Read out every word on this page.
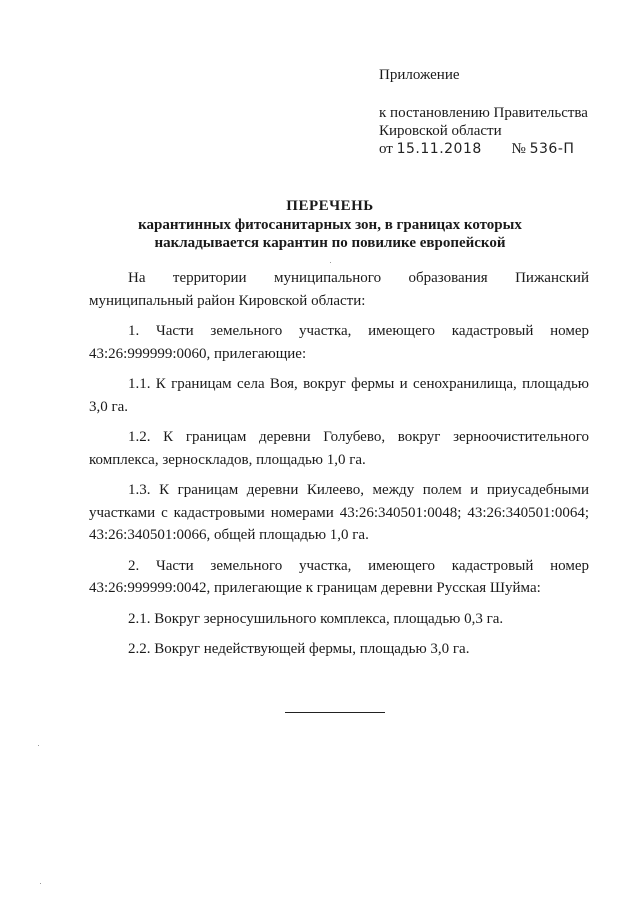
Приложение
к постановлению Правительства
Кировской области
от 15.11.2018 № 536-П
ПЕРЕЧЕНЬ
карантинных фитосанитарных зон, в границах которых
накладывается карантин по повилике европейской

На территории муниципального образования Пижанский муниципальный район Кировской области:

1. Части земельного участка, имеющего кадастровый номер 43:26:999999:0060, прилегающие:

1.1. К границам села Воя, вокруг фермы и сенохранилища, площадью 3,0 га.

1.2. К границам деревни Голубево, вокруг зерноочистительного комплекса, зерноскладов, площадью 1,0 га.

1.3. К границам деревни Килеево, между полем и приусадебными участками с кадастровыми номерами 43:26:340501:0048; 43:26:340501:0064; 43:26:340501:0066, общей площадью 1,0 га.

2. Части земельного участка, имеющего кадастровый номер 43:26:999999:0042, прилегающие к границам деревни Русская Шуйма:

2.1. Вокруг зерносушильного комплекса, площадью 0,3 га.

2.2. Вокруг недействующей фермы, площадью 3,0 га.
